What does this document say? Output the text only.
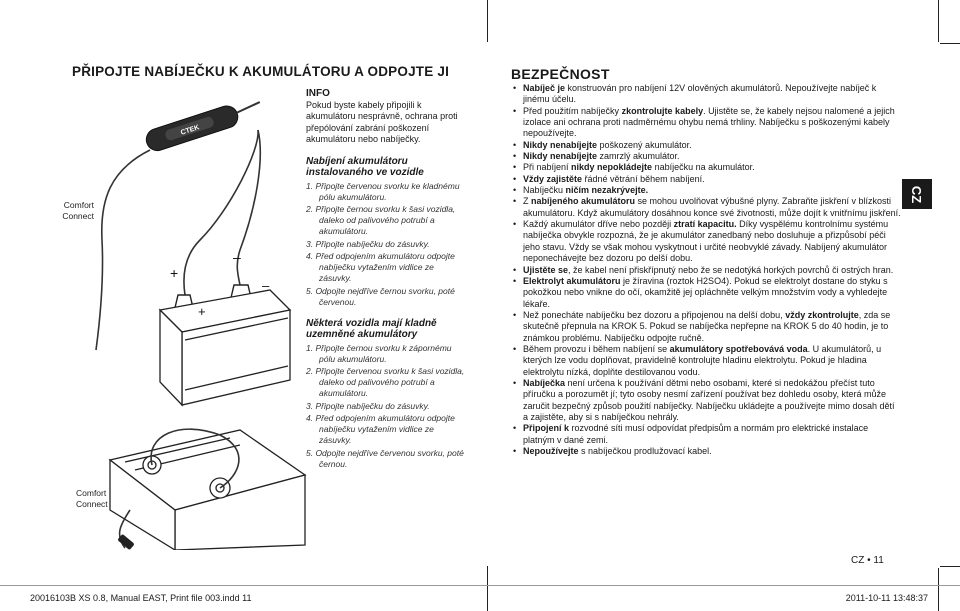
PŘIPOJTE NABÍJEČKU K AKUMULÁTORU A ODPOJTE JI
Comfort
Connect
Comfort
Connect
CTEK
+
–
+
–
INFO
Pokud byste kabely připojili k akumulátoru nesprávně, ochrana proti přepólování zabrání poškození akumulátoru nebo nabíječky.
Nabíjení akumulátoru instalovaného ve vozidle
1. Připojte červenou svorku ke kladnému pólu akumulátoru.
2. Připojte černou svorku k šasi vozidla, daleko od palivového potrubí a akumulátoru.
3. Připojte nabíječku do zásuvky.
4. Před odpojením akumulátoru odpojte nabíječku vytažením vidlice ze zásuvky.
5. Odpojte nejdříve černou svorku, poté červenou.
Některá vozidla mají kladně uzemněné akumulátory
1. Připojte černou svorku k zápornému pólu akumulátoru.
2. Připojte červenou svorku k šasi vozidla, daleko od palivového potrubí a akumulátoru.
3. Připojte nabíječku do zásuvky.
4. Před odpojením akumulátoru odpojte nabíječku vytažením vidlice ze zásuvky.
5. Odpojte nejdříve červenou svorku, poté černou.
BEZPEČNOST
• Nabíječ je konstruován pro nabíjení 12V olověných akumulátorů. Nepoužívejte nabíječ k jinému účelu.
• Před použitím nabíječky zkontrolujte kabely. Ujistěte se, že kabely nejsou nalomené a jejich izolace ani ochrana proti nadměrnému ohybu nemá trhliny. Nabíječku s poškozenými kabely nepoužívejte.
• Nikdy nenabíjejte poškozený akumulátor.
• Nikdy nenabíjejte zamrzlý akumulátor.
• Při nabíjení nikdy nepokládejte nabíječku na akumulátor.
• Vždy zajistěte řádné větrání během nabíjení.
• Nabíječku ničím nezakrývejte.
• Z nabíjeného akumulátoru se mohou uvolňovat výbušné plyny. Zabraňte jiskření v blízkosti akumulátoru. Když akumulátory dosáhnou konce své životnosti, může dojít k vnitřnímu jiskření.
• Každý akumulátor dříve nebo později ztratí kapacitu. Díky vyspělému kontrolnímu systému nabíječka obvykle rozpozná, že je akumulátor zanedbaný nebo dosluhuje a přizpůsobí péči jeho stavu. Vždy se však mohou vyskytnout i určité neobvyklé závady. Nabíjený akumulátor neponechávejte bez dozoru po delší dobu.
• Ujistěte se, že kabel není přiskřípnutý nebo že se nedotýká horkých povrchů či ostrých hran.
• Elektrolyt akumulátoru je žíravina (roztok H2SO4). Pokud se elektrolyt dostane do styku s pokožkou nebo vnikne do očí, okamžitě jej opláchněte velkým množstvím vody a vyhledejte lékaře.
• Než ponecháte nabíječku bez dozoru a připojenou na delší dobu, vždy zkontrolujte, zda se skutečně přepnula na KROK 5. Pokud se nabíječka nepřepne na KROK 5 do 40 hodin, je to známkou problému. Nabíječku odpojte ručně.
• Během provozu i během nabíjení se akumulátory spotřebovává voda. U akumulátorů, u kterých lze vodu doplňovat, pravidelně kontrolujte hladinu elektrolytu. Pokud je hladina elektrolytu nízká, doplňte destilovanou vodu.
• Nabíječka není určena k používání dětmi nebo osobami, které si nedokážou přečíst tuto příručku a porozumět jí; tyto osoby nesmí zařízení používat bez dohledu osoby, která může zaručit bezpečný způsob použití nabíječky. Nabíječku ukládejte a používejte mimo dosah dětí a zajistěte, aby si s nabíječkou nehrály.
• Připojení k rozvodné síti musí odpovídat předpisům a normám pro elektrické instalace platným v dané zemi.
• Nepoužívejte s nabíječkou prodlužovací kabel.
CZ
CZ • 11
20016103B XS 0.8, Manual EAST, Print file 003.indd 11	2011-10-11 13:48:37
